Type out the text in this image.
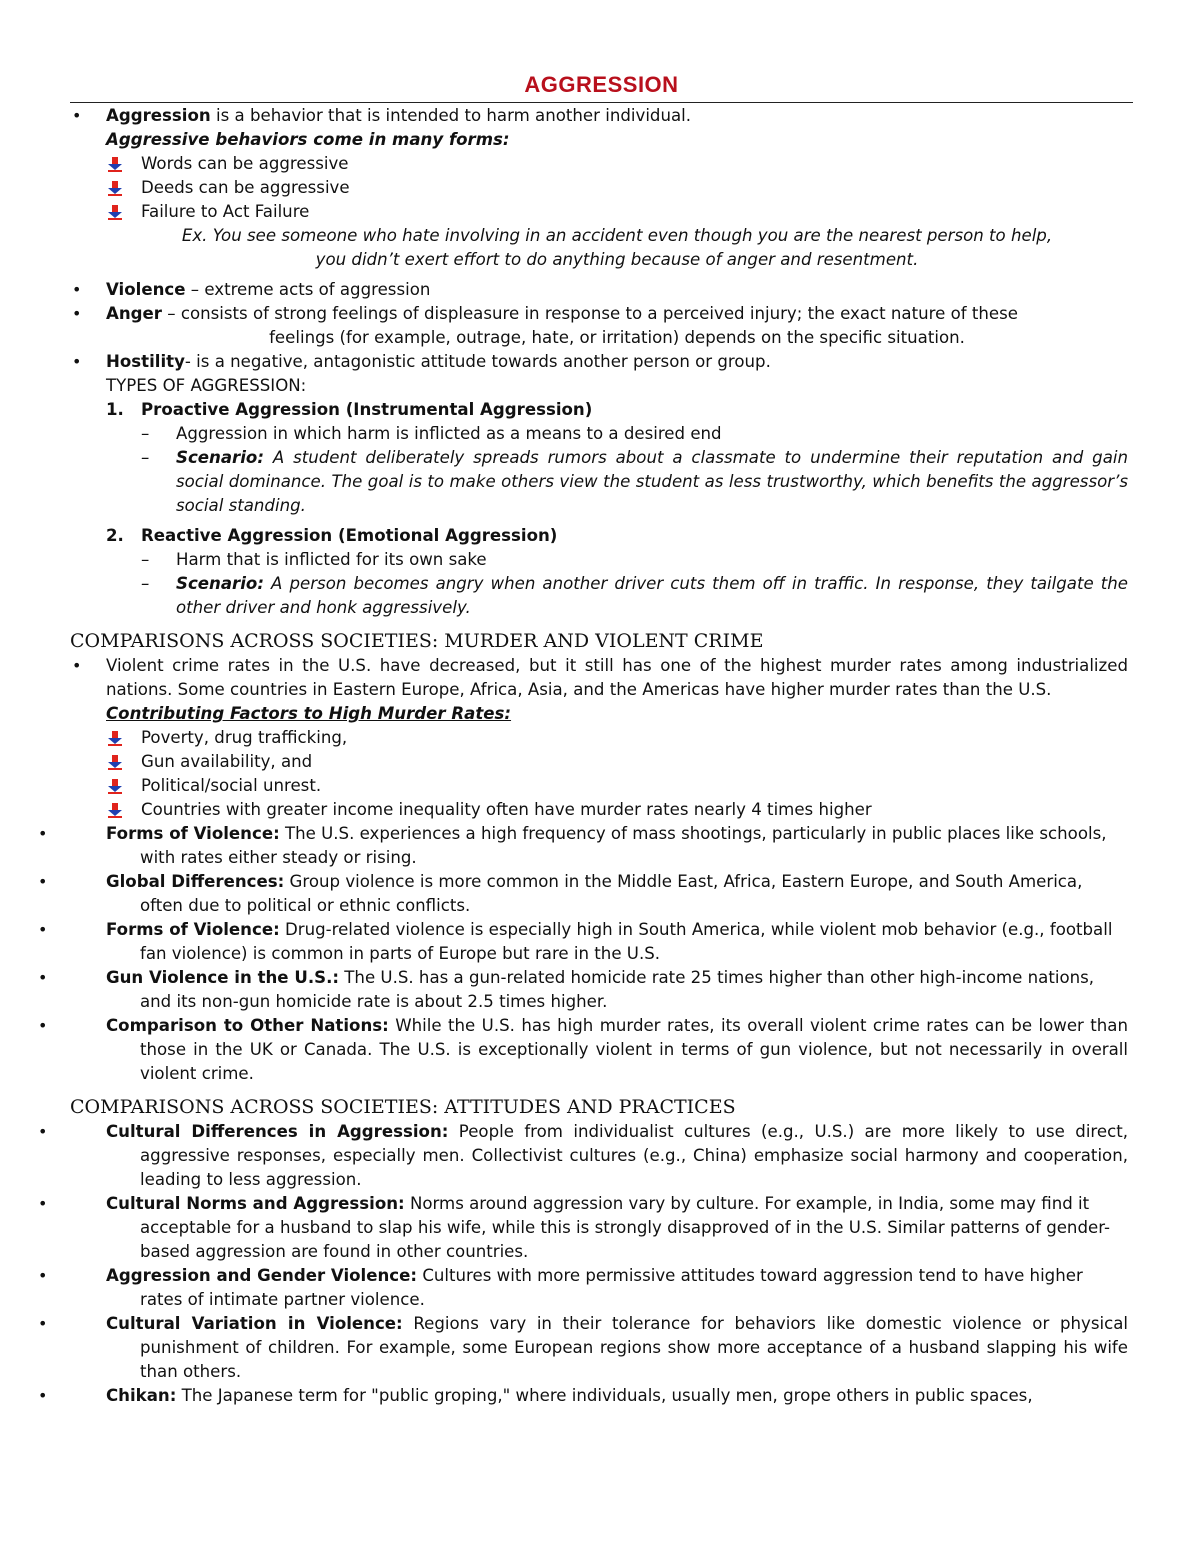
AGGRESSION

• Aggression is a behavior that is intended to harm another individual.

Aggressive behaviors come in many forms:

Words can be aggressive

Deeds can be aggressive

Failure to Act Failure

Ex. You see someone who hate involving in an accident even though you are the nearest person to help,

you didn’t exert effort to do anything because of anger and resentment.

• Violence – extreme acts of aggression

• Anger – consists of strong feelings of displeasure in response to a perceived injury; the exact nature of these

feelings (for example, outrage, hate, or irritation) depends on the specific situation.

• Hostility- is a negative, antagonistic attitude towards another person or group.

TYPES OF AGGRESSION:

1. Proactive Aggression (Instrumental Aggression)

– Aggression in which harm is inflicted as a means to a desired end

– Scenario: A student deliberately spreads rumors about a classmate to undermine their reputation and gain social dominance. The goal is to make others view the student as less trustworthy, which benefits the aggressor’s social standing.

2. Reactive Aggression (Emotional Aggression)

– Harm that is inflicted for its own sake

– Scenario: A person becomes angry when another driver cuts them off in traffic. In response, they tailgate the other driver and honk aggressively.

COMPARISONS ACROSS SOCIETIES: MURDER AND VIOLENT CRIME

• Violent crime rates in the U.S. have decreased, but it still has one of the highest murder rates among industrialized nations. Some countries in Eastern Europe, Africa, Asia, and the Americas have higher murder rates than the U.S.

Contributing Factors to High Murder Rates:

Poverty, drug trafficking,

Gun availability, and

Political/social unrest.

Countries with greater income inequality often have murder rates nearly 4 times higher

• Forms of Violence: The U.S. experiences a high frequency of mass shootings, particularly in public places like schools, with rates either steady or rising.

• Global Differences: Group violence is more common in the Middle East, Africa, Eastern Europe, and South America, often due to political or ethnic conflicts.

• Forms of Violence: Drug-related violence is especially high in South America, while violent mob behavior (e.g., football fan violence) is common in parts of Europe but rare in the U.S.

• Gun Violence in the U.S.: The U.S. has a gun-related homicide rate 25 times higher than other high-income nations, and its non-gun homicide rate is about 2.5 times higher.

• Comparison to Other Nations: While the U.S. has high murder rates, its overall violent crime rates can be lower than those in the UK or Canada. The U.S. is exceptionally violent in terms of gun violence, but not necessarily in overall violent crime.

COMPARISONS ACROSS SOCIETIES: ATTITUDES AND PRACTICES

• Cultural Differences in Aggression: People from individualist cultures (e.g., U.S.) are more likely to use direct, aggressive responses, especially men. Collectivist cultures (e.g., China) emphasize social harmony and cooperation, leading to less aggression.

• Cultural Norms and Aggression: Norms around aggression vary by culture. For example, in India, some may find it acceptable for a husband to slap his wife, while this is strongly disapproved of in the U.S. Similar patterns of gender-based aggression are found in other countries.

• Aggression and Gender Violence: Cultures with more permissive attitudes toward aggression tend to have higher rates of intimate partner violence.

• Cultural Variation in Violence: Regions vary in their tolerance for behaviors like domestic violence or physical punishment of children. For example, some European regions show more acceptance of a husband slapping his wife than others.

• Chikan: The Japanese term for "public groping," where individuals, usually men, grope others in public spaces,
